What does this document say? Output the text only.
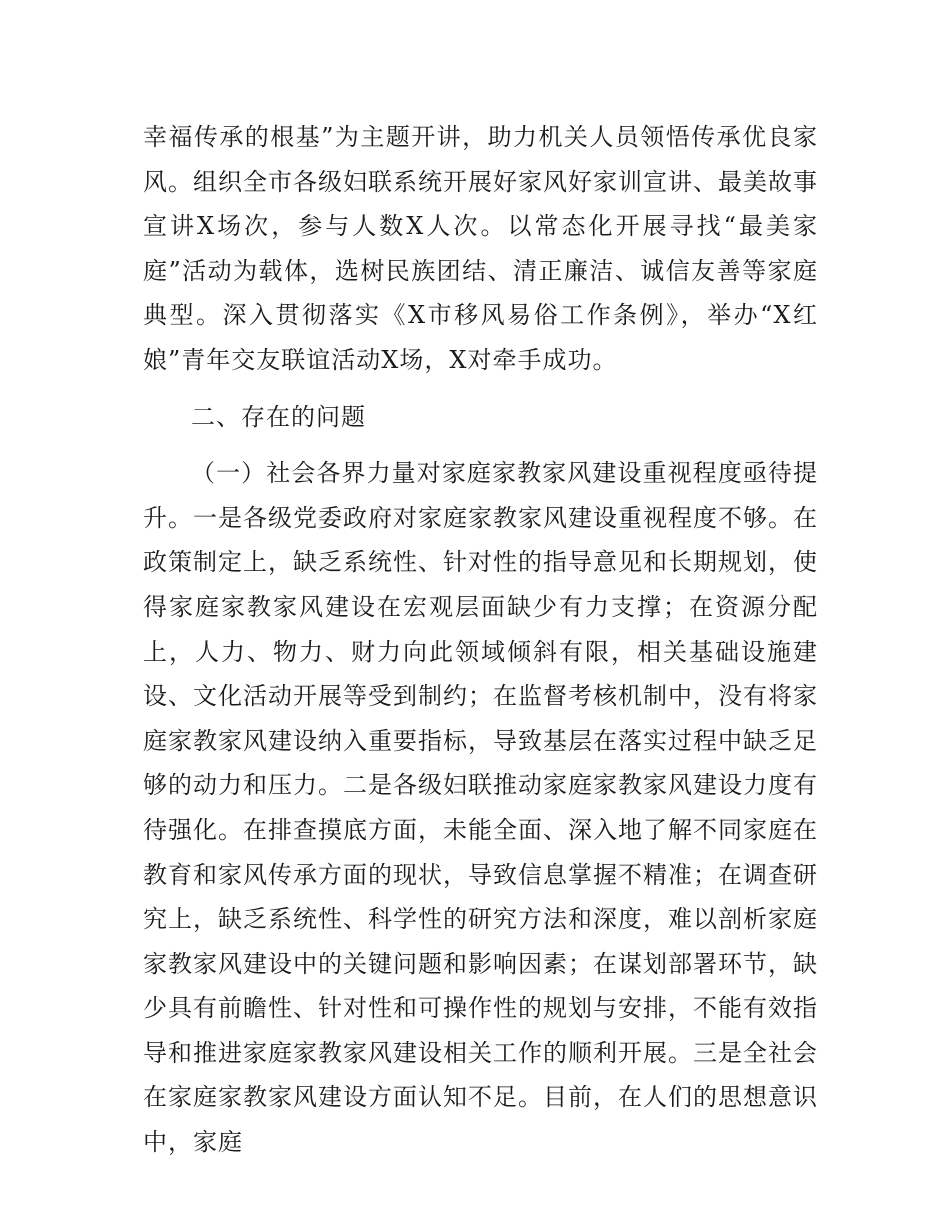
幸福传承的根基”为主题开讲，助力机关人员领悟传承优良家风。组织全市各级妇联系统开展好家风好家训宣讲、最美故事宣讲X场次，参与人数X人次。以常态化开展寻找“最美家庭”活动为载体，选树民族团结、清正廉洁、诚信友善等家庭典型。深入贯彻落实《X市移风易俗工作条例》，举办“X红娘”青年交友联谊活动X场，X对牵手成功。

二、存在的问题

（一）社会各界力量对家庭家教家风建设重视程度亟待提升。一是各级党委政府对家庭家教家风建设重视程度不够。在政策制定上，缺乏系统性、针对性的指导意见和长期规划，使得家庭家教家风建设在宏观层面缺少有力支撑；在资源分配上，人力、物力、财力向此领域倾斜有限，相关基础设施建设、文化活动开展等受到制约；在监督考核机制中，没有将家庭家教家风建设纳入重要指标，导致基层在落实过程中缺乏足够的动力和压力。二是各级妇联推动家庭家教家风建设力度有待强化。在排查摸底方面，未能全面、深入地了解不同家庭在教育和家风传承方面的现状，导致信息掌握不精准；在调查研究上，缺乏系统性、科学性的研究方法和深度，难以剖析家庭家教家风建设中的关键问题和影响因素；在谋划部署环节，缺少具有前瞻性、针对性和可操作性的规划与安排，不能有效指导和推进家庭家教家风建设相关工作的顺利开展。三是全社会在家庭家教家风建设方面认知不足。目前，在人们的思想意识中，家庭
